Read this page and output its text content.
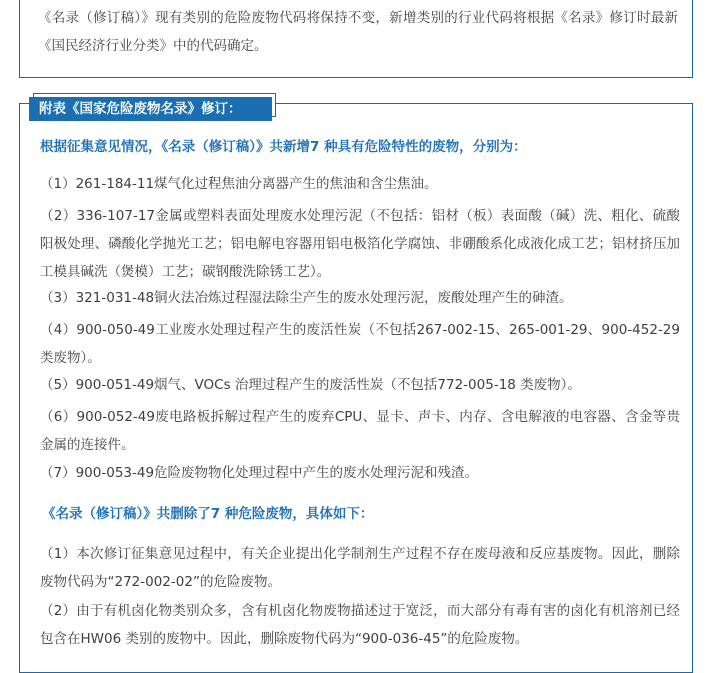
《名录（修订稿）》现有类别的危险废物代码将保持不变，新增类别的行业代码将根据《名录》修订时最新《国民经济行业分类》中的代码确定。

附表《国家危险废物名录》修订：

根据征集意见情况，《名录（修订稿）》共新增7 种具有危险特性的废物，分别为：

（1）261-184-11煤气化过程焦油分离器产生的焦油和含尘焦油。

（2）336-107-17金属或塑料表面处理废水处理污泥（不包括：铝材（板）表面酸（碱）洗、粗化、硫酸阳极处理、磷酸化学抛光工艺；铝电解电容器用铝电极箔化学腐蚀、非硼酸系化成液化成工艺；铝材挤压加工模具碱洗（煲模）工艺；碳钢酸洗除锈工艺）。

（3）321-031-48铜火法冶炼过程湿法除尘产生的废水处理污泥，废酸处理产生的砷渣。

（4）900-050-49工业废水处理过程产生的废活性炭（不包括267-002-15、265-001-29、900-452-29 类废物）。

（5）900-051-49烟气、VOCs 治理过程产生的废活性炭（不包括772-005-18 类废物）。

（6）900-052-49废电路板拆解过程产生的废弃CPU、显卡、声卡、内存、含电解液的电容器、含金等贵金属的连接件。

（7）900-053-49危险废物物化处理过程中产生的废水处理污泥和残渣。

《名录（修订稿）》共删除了7 种危险废物，具体如下：

（1）本次修订征集意见过程中，有关企业提出化学制剂生产过程不存在废母液和反应基废物。因此，删除废物代码为“272-002-02”的危险废物。

（2）由于有机卤化物类别众多，含有机卤化物废物描述过于宽泛，而大部分有毒有害的卤化有机溶剂已经包含在HW06 类别的废物中。因此，删除废物代码为“900-036-45”的危险废物。
